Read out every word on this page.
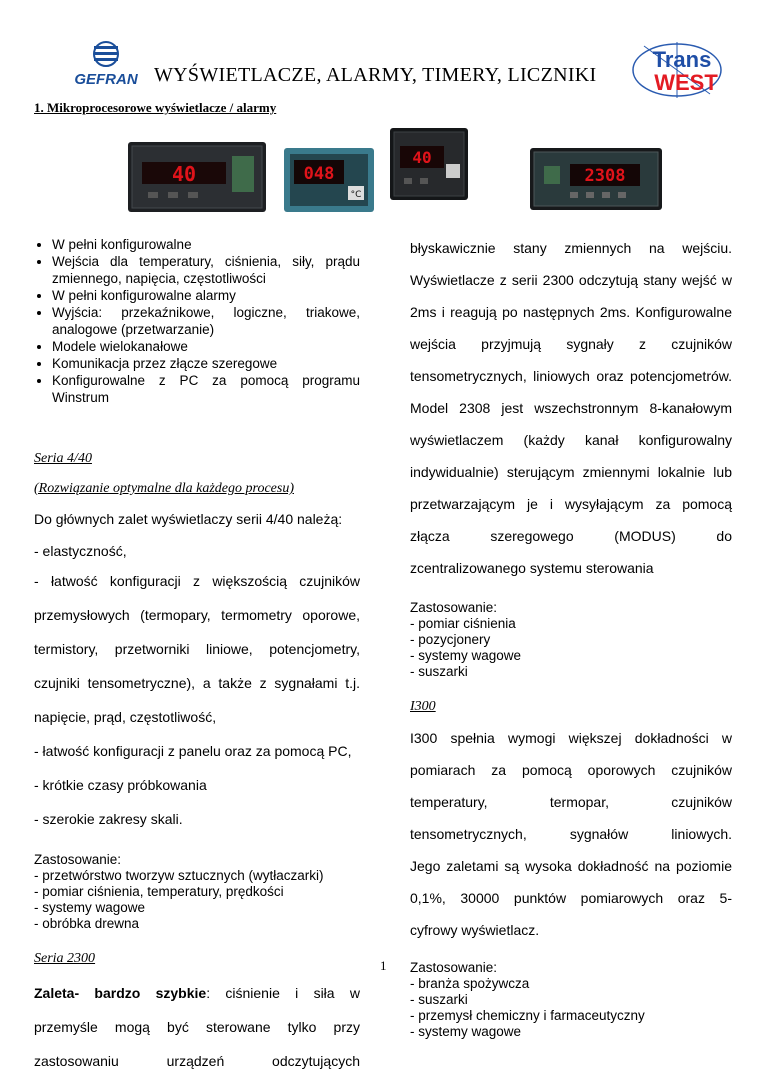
GEFRAN WYŚWIETLACZE, ALARMY, TIMERY, LICZNIKI
Trans
WEST
1. Mikroprocesorowe wyświetlacze / alarmy
40	048
°C
40
2308
• W pełni konfigurowalne
• Wejścia dla temperatury, ciśnienia, siły, prądu zmiennego, napięcia, częstotliwości
• W pełni konfigurowalne alarmy
• Wyjścia: przekaźnikowe, logiczne, triakowe, analogowe (przetwarzanie)
• Modele wielokanałowe
• Komunikacja przez złącze szeregowe
• Konfigurowalne z PC za pomocą programu Winstrum
Seria 4/40
(Rozwiązanie optymalne dla każdego procesu)
Do głównych zalet wyświetlaczy serii 4/40 należą:
- elastyczność,
- łatwość konfiguracji z większością czujników
przemysłowych (termopary, termometry oporowe,
termistory, przetworniki liniowe, potencjometry,
czujniki tensometryczne), a także z sygnałami t.j.
napięcie, prąd, częstotliwość,
- łatwość konfiguracji z panelu oraz za pomocą PC,
- krótkie czasy próbkowania
- szerokie zakresy skali.
Zastosowanie:
- przetwórstwo tworzyw sztucznych (wytłaczarki)
- pomiar ciśnienia, temperatury, prędkości
- systemy wagowe
- obróbka drewna
Seria 2300
Zaleta- bardzo szybkie: ciśnienie i siła w
przemyśle mogą być sterowane tylko przy
zastosowaniu urządzeń odczytujących
błyskawicznie stany zmiennych na wejściu.
Wyświetlacze z serii 2300 odczytują stany wejść w
2ms i reagują po następnych 2ms. Konfigurowalne
wejścia przyjmują sygnały z czujników
tensometrycznych, liniowych oraz potencjometrów.
Model 2308 jest wszechstronnym 8-kanałowym
wyświetlaczem (każdy kanał konfigurowalny
indywidualnie) sterującym zmiennymi lokalnie lub
przetwarzającym je i wysyłającym za pomocą
złącza szeregowego (MODUS) do
zcentralizowanego systemu sterowania
Zastosowanie:
- pomiar ciśnienia
- pozycjonery
- systemy wagowe
- suszarki
I300
I300 spełnia wymogi większej dokładności w
pomiarach za pomocą oporowych czujników
temperatury, termopar, czujników
tensometrycznych, sygnałów liniowych.
Jego zaletami są wysoka dokładność na poziomie
0,1%, 30000 punktów pomiarowych oraz 5-
cyfrowy wyświetlacz.
Zastosowanie:
- branża spożywcza
- suszarki
- przemysł chemiczny i farmaceutyczny
- systemy wagowe
1
